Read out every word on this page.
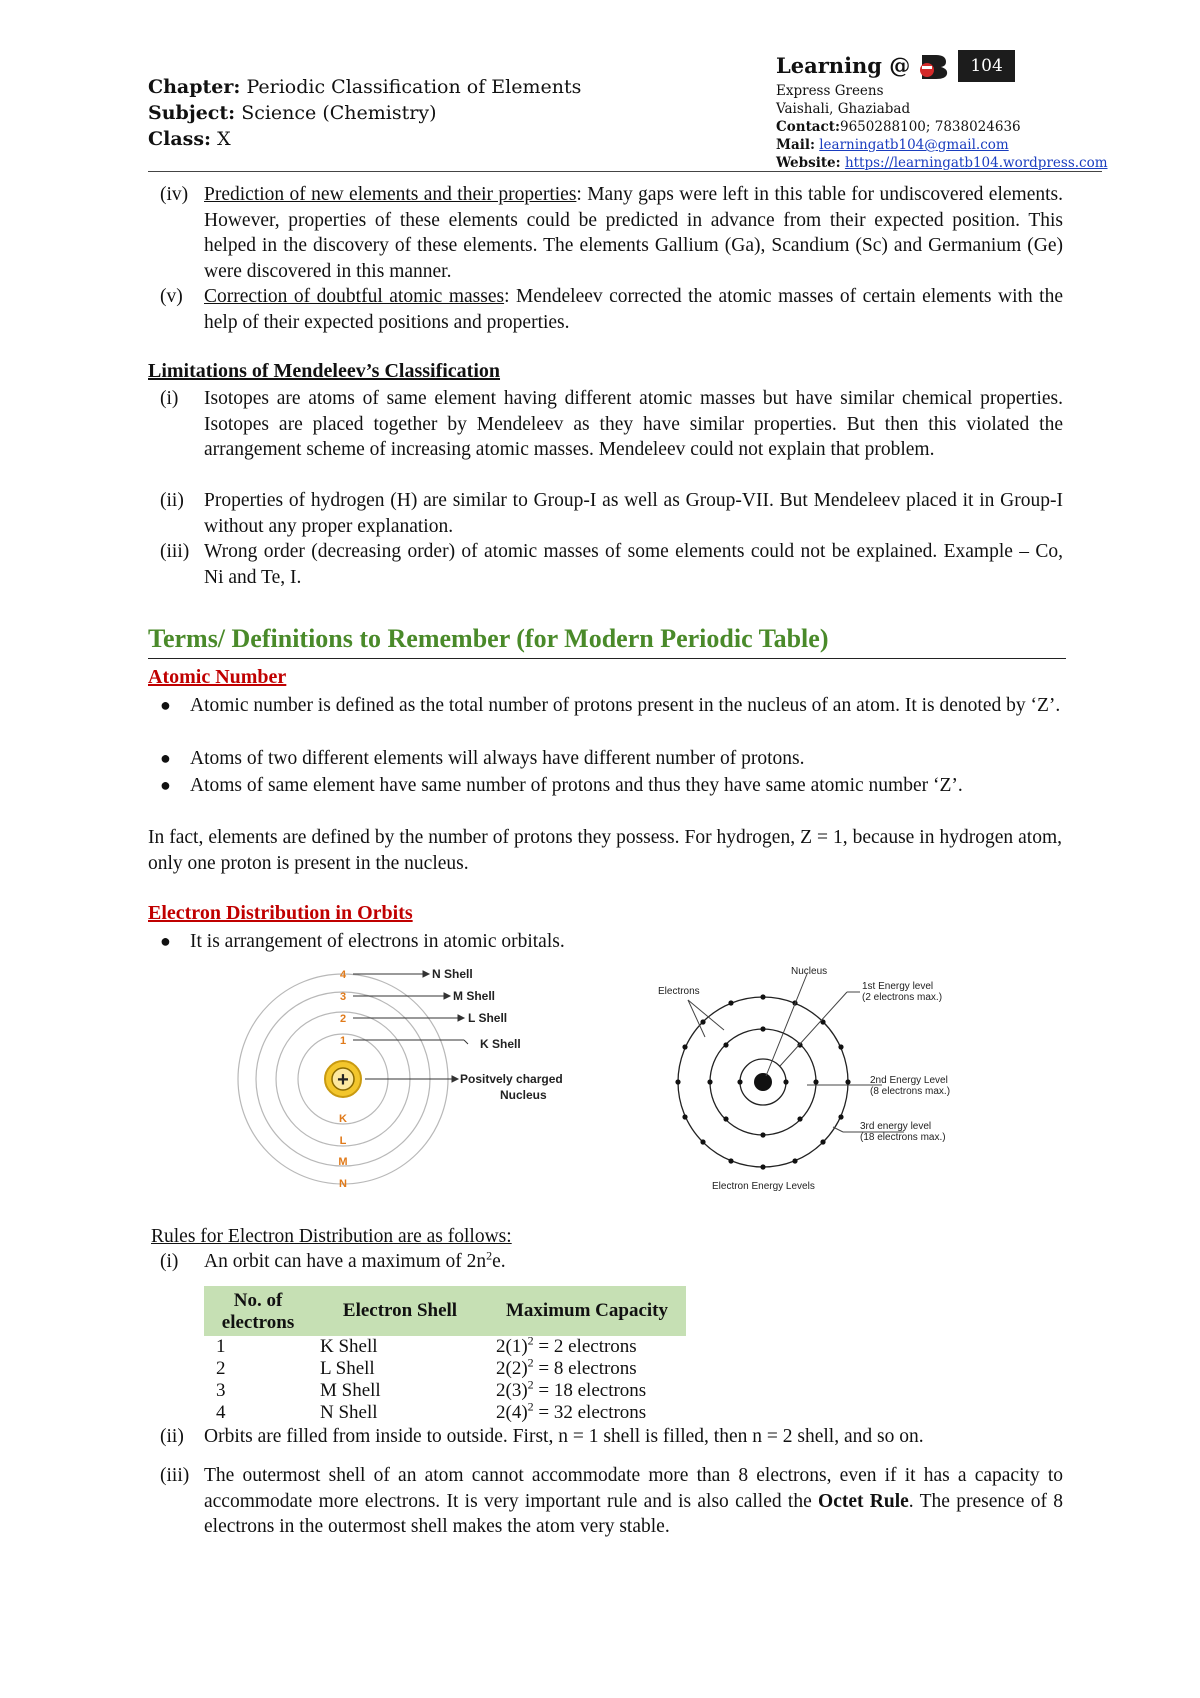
Chapter: Periodic Classification of Elements
Subject: Science (Chemistry)
Class: X
Learning @	104
Express Greens
Vaishali, Ghaziabad
Contact:9650288100; 7838024636
Mail: learningatb104@gmail.com
Website: https://learningatb104.wordpress.com
(iv) Prediction of new elements and their properties: Many gaps were left in this table for undiscovered elements. However, properties of these elements could be predicted in advance from their expected position. This helped in the discovery of these elements. The elements Gallium (Ga), Scandium (Sc) and Germanium (Ge) were discovered in this manner.
(v) Correction of doubtful atomic masses: Mendeleev corrected the atomic masses of certain elements with the help of their expected positions and properties.
Limitations of Mendeleev’s Classification
(i) Isotopes are atoms of same element having different atomic masses but have similar chemical properties. Isotopes are placed together by Mendeleev as they have similar properties. But then this violated the arrangement scheme of increasing atomic masses. Mendeleev could not explain that problem.
(ii) Properties of hydrogen (H) are similar to Group-I as well as Group-VII. But Mendeleev placed it in Group-I without any proper explanation.
(iii) Wrong order (decreasing order) of atomic masses of some elements could not be explained. Example – Co, Ni and Te, I.
Terms/ Definitions to Remember (for Modern Periodic Table)
Atomic Number
● Atomic number is defined as the total number of protons present in the nucleus of an atom. It is denoted by ‘Z’.
● Atoms of two different elements will always have different number of protons.
● Atoms of same element have same number of protons and thus they have same atomic number ‘Z’.
In fact, elements are defined by the number of protons they possess. For hydrogen, Z = 1, because in hydrogen atom, only one proton is present in the nucleus.
Electron Distribution in Orbits
● It is arrangement of electrons in atomic orbitals.
+
4
3
2
1
K
L
M
N
N Shell
M Shell
L Shell
K Shell
Positvely charged
Nucleus
Nucleus
Electrons	1st Energy level
(2 electrons max.)
2nd Energy Level
(8 electrons max.)
3rd energy level
(18 electrons max.)
Electron Energy Levels
Rules for Electron Distribution are as follows:
(i) An orbit can have a maximum of $2n^2e$.
No. of electrons	Electron Shell	Maximum Capacity
1	K Shell	$2(1)^2 = 2$ electrons
2	L Shell	$2(2)^2 = 8$ electrons
3	M Shell	$2(3)^2 = 18$ electrons
4	N Shell	$2(4)^2 = 32$ electrons
(ii) Orbits are filled from inside to outside. First, n = 1 shell is filled, then n = 2 shell, and so on.
(iii) The outermost shell of an atom cannot accommodate more than 8 electrons, even if it has a capacity to accommodate more electrons. It is very important rule and is also called the Octet Rule. The presence of 8 electrons in the outermost shell makes the atom very stable.
